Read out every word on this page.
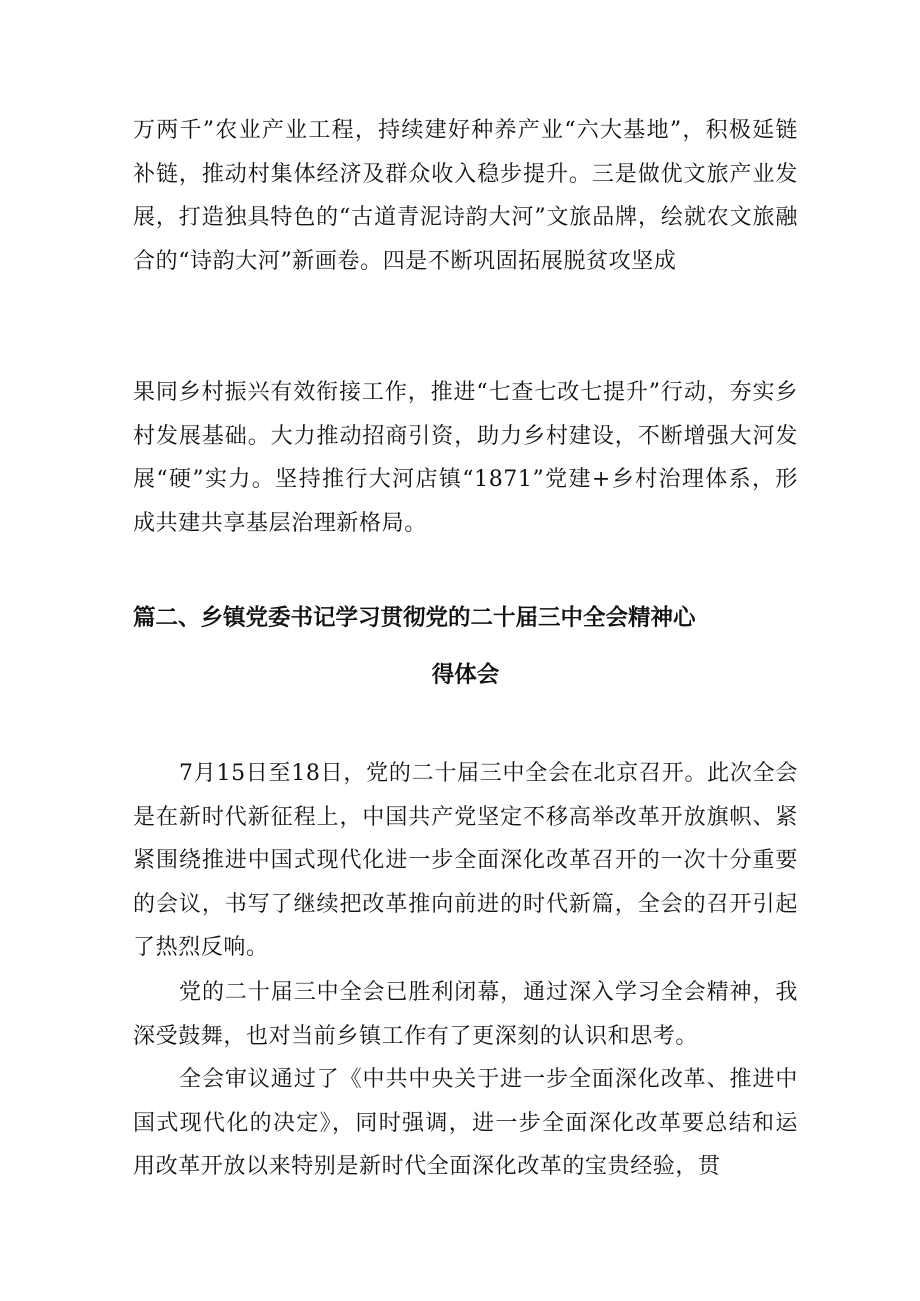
万两千”农业产业工程，持续建好种养产业“六大基地”，积极延链补链，推动村集体经济及群众收入稳步提升。三是做优文旅产业发展，打造独具特色的“古道青泥诗韵大河”文旅品牌，绘就农文旅融合的“诗韵大河”新画卷。四是不断巩固拓展脱贫攻坚成

果同乡村振兴有效衔接工作，推进“七查七改七提升”行动，夯实乡村发展基础。大力推动招商引资，助力乡村建设，不断增强大河发展“硬”实力。坚持推行大河店镇“1871”党建+乡村治理体系，形成共建共享基层治理新格局。

篇二、乡镇党委书记学习贯彻党的二十届三中全会精神心
得体会

7月15日至18日，党的二十届三中全会在北京召开。此次全会是在新时代新征程上，中国共产党坚定不移高举改革开放旗帜、紧紧围绕推进中国式现代化进一步全面深化改革召开的一次十分重要的会议，书写了继续把改革推向前进的时代新篇，全会的召开引起了热烈反响。

党的二十届三中全会已胜利闭幕，通过深入学习全会精神，我深受鼓舞，也对当前乡镇工作有了更深刻的认识和思考。

全会审议通过了《中共中央关于进一步全面深化改革、推进中国式现代化的决定》，同时强调，进一步全面深化改革要总结和运用改革开放以来特别是新时代全面深化改革的宝贵经验，贯
